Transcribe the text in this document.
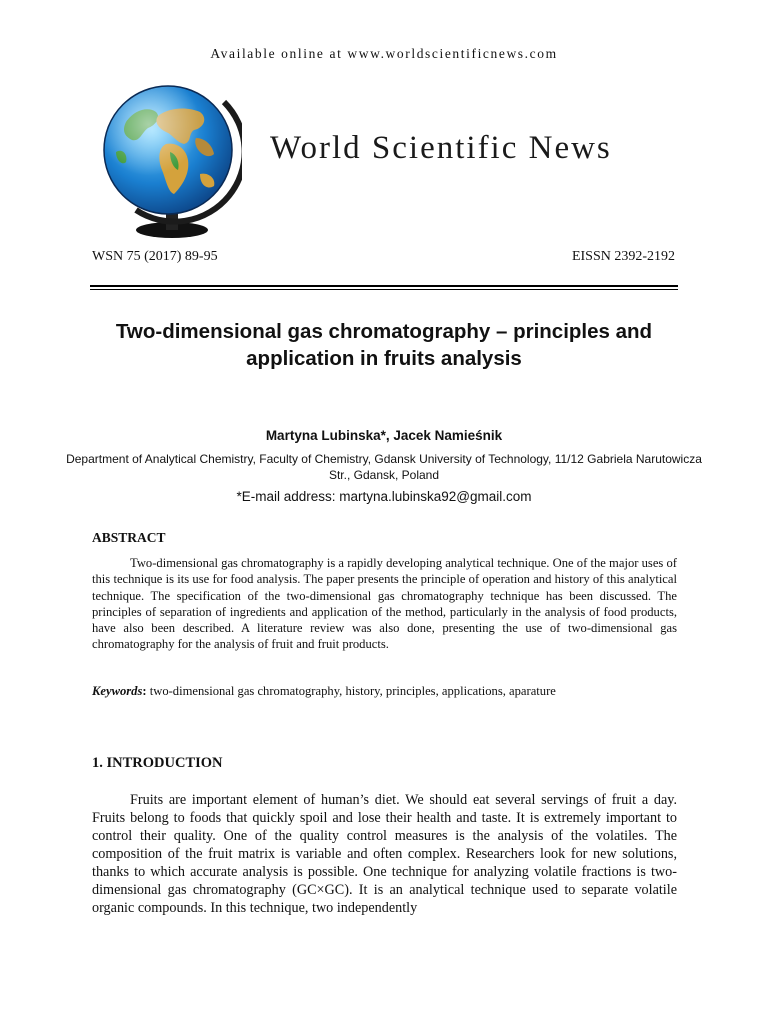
Available online at www.worldscientificnews.com
World Scientific News
WSN 75 (2017) 89-95	EISSN 2392-2192
Two-dimensional gas chromatography – principles and application in fruits analysis
Martyna Lubinska*, Jacek Namieśnik
Department of Analytical Chemistry, Faculty of Chemistry, Gdansk University of Technology, 11/12 Gabriela Narutowicza Str., Gdansk, Poland
*E-mail address: martyna.lubinska92@gmail.com
ABSTRACT
Two-dimensional gas chromatography is a rapidly developing analytical technique. One of the major uses of this technique is its use for food analysis. The paper presents the principle of operation and history of this analytical technique. The specification of the two-dimensional gas chromatography technique has been discussed. The principles of separation of ingredients and application of the method, particularly in the analysis of food products, have also been described. A literature review was also done, presenting the use of two-dimensional gas chromatography for the analysis of fruit and fruit products.
Keywords: two-dimensional gas chromatography, history, principles, applications, aparature
1. INTRODUCTION
Fruits are important element of human’s diet. We should eat several servings of fruit a day. Fruits belong to foods that quickly spoil and lose their health and taste. It is extremely important to control their quality. One of the quality control measures is the analysis of the volatiles. The composition of the fruit matrix is variable and often complex. Researchers look for new solutions, thanks to which accurate analysis is possible. One technique for analyzing volatile fractions is two-dimensional gas chromatography (GC×GC). It is an analytical technique used to separate volatile organic compounds. In this technique, two independently
